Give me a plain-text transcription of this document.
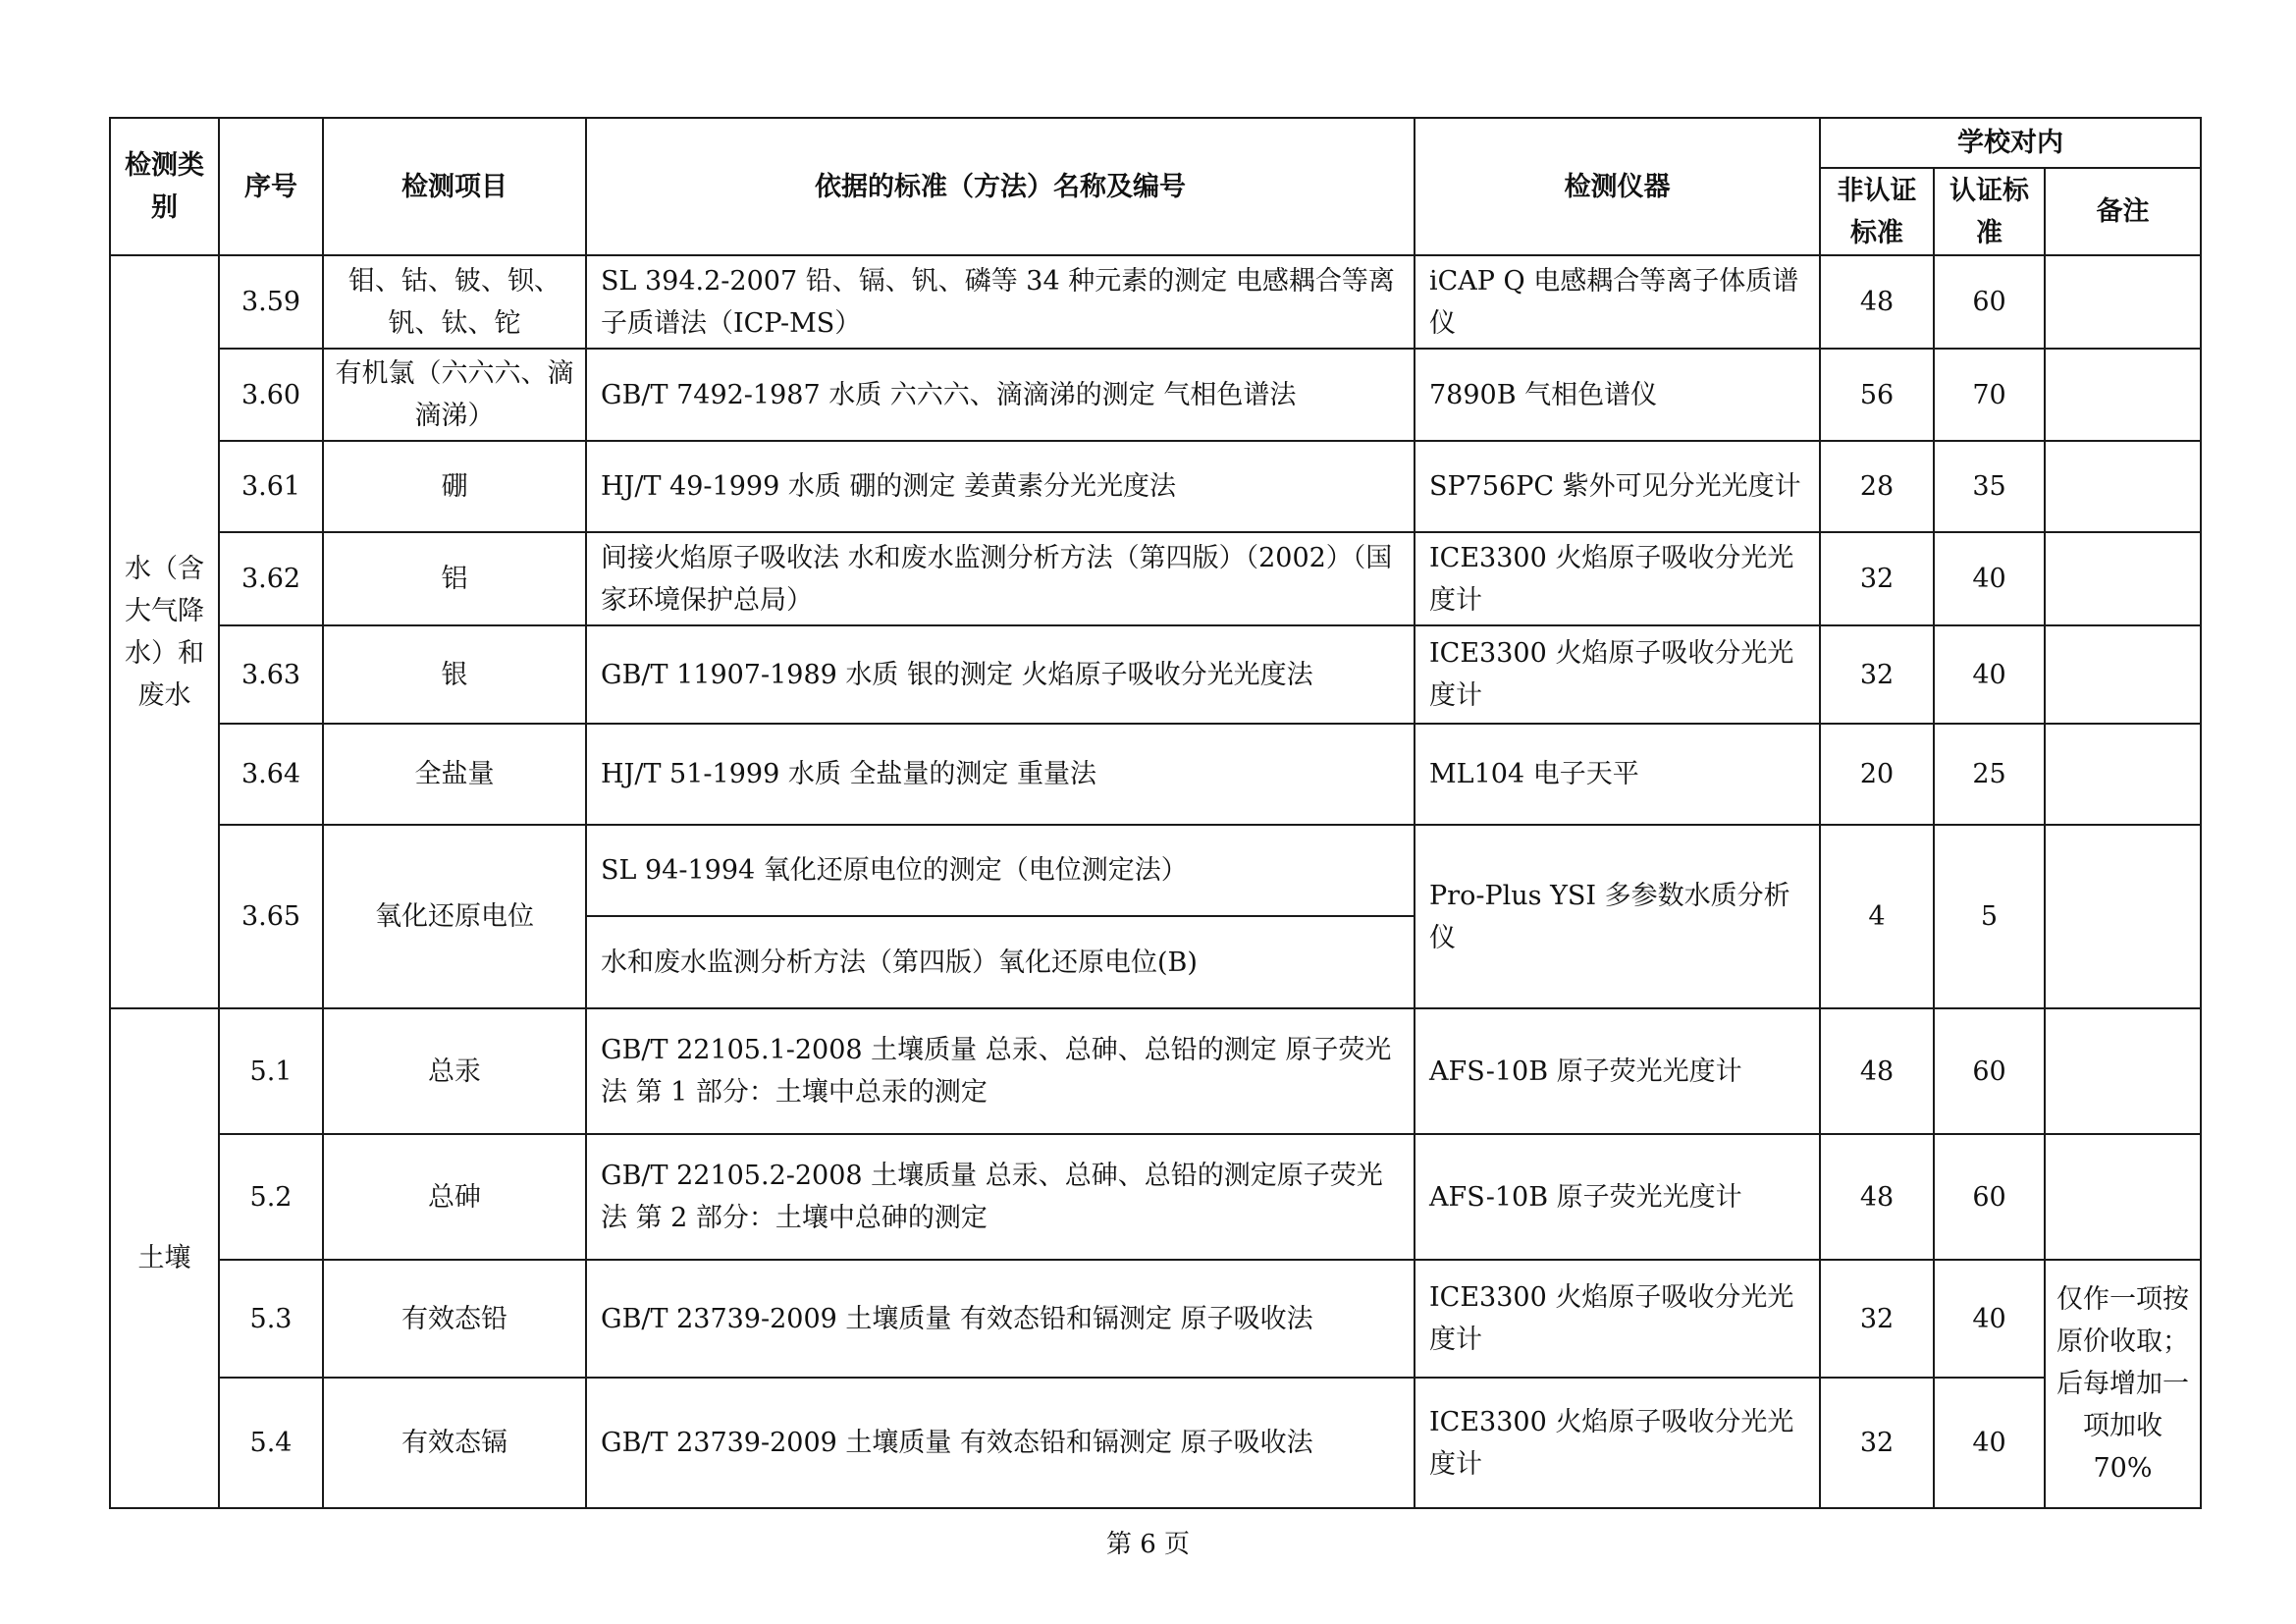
检测类别	序号	检测项目	依据的标准（方法）名称及编号	检测仪器	学校对内		
					非认证标准	认证标准	备注
水（含大气降水）和废水	3.59	钼、钴、铍、钡、钒、钛、铊	SL 394.2-2007 铅、镉、钒、磷等 34 种元素的测定 电感耦合等离子质谱法（ICP-MS）	iCAP Q 电感耦合等离子体质谱仪	48	60	
	3.60	有机氯（六六六、滴滴涕）	GB/T 7492-1987 水质 六六六、滴滴涕的测定 气相色谱法	7890B 气相色谱仪	56	70	
	3.61	硼	HJ/T 49-1999 水质 硼的测定 姜黄素分光光度法	SP756PC 紫外可见分光光度计	28	35	
	3.62	铝	间接火焰原子吸收法 水和废水监测分析方法（第四版）（2002）（国家环境保护总局）	ICE3300 火焰原子吸收分光光度计	32	40	
	3.63	银	GB/T 11907-1989 水质 银的测定 火焰原子吸收分光光度法	ICE3300 火焰原子吸收分光光度计	32	40	
	3.64	全盐量	HJ/T 51-1999 水质 全盐量的测定 重量法	ML104 电子天平	20	25	
	3.65	氧化还原电位	SL 94-1994 氧化还原电位的测定（电位测定法）	Pro-Plus YSI 多参数水质分析仪	4	5	
			水和废水监测分析方法（第四版）氧化还原电位(B)				
土壤	5.1	总汞	GB/T 22105.1-2008 土壤质量 总汞、总砷、总铅的测定 原子荧光法 第 1 部分：土壤中总汞的测定	AFS-10B 原子荧光光度计	48	60	
	5.2	总砷	GB/T 22105.2-2008 土壤质量 总汞、总砷、总铅的测定原子荧光法 第 2 部分：土壤中总砷的测定	AFS-10B 原子荧光光度计	48	60	
	5.3	有效态铅	GB/T 23739-2009 土壤质量 有效态铅和镉测定 原子吸收法	ICE3300 火焰原子吸收分光光度计	32	40	仅作一项按原价收取；后每增加一项加收 70%
	5.4	有效态镉	GB/T 23739-2009 土壤质量 有效态铅和镉测定 原子吸收法	ICE3300 火焰原子吸收分光光度计	32	40	
第 6 页
